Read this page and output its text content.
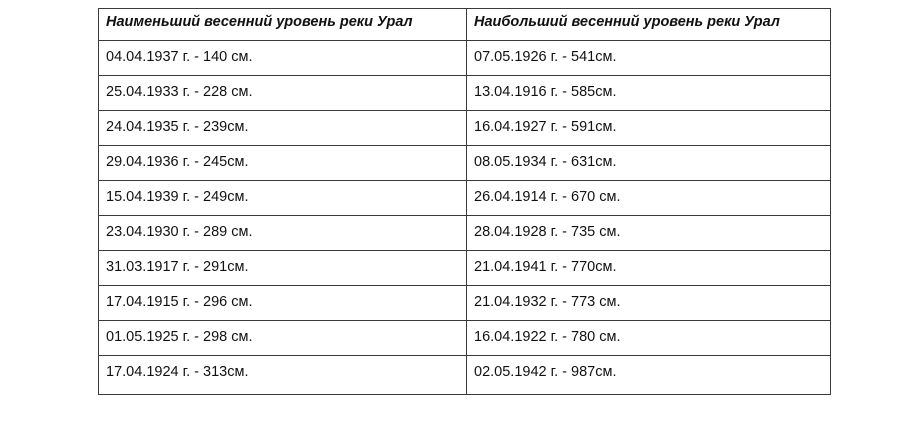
Наименьший весенний уровень реки Урал	Наибольший весенний уровень реки Урал
04.04.1937 г. - 140 см.	07.05.1926 г. - 541см.
25.04.1933 г. - 228 см.	13.04.1916 г. - 585см.
24.04.1935 г. - 239см.	16.04.1927 г. - 591см.
29.04.1936 г. - 245см.	08.05.1934 г. - 631см.
15.04.1939 г. - 249см.	26.04.1914 г. - 670 см.
23.04.1930 г. - 289 см.	28.04.1928 г. - 735 см.
31.03.1917 г. - 291см.	21.04.1941 г. - 770см.
17.04.1915 г. - 296 см.	21.04.1932 г. - 773 см.
01.05.1925 г. - 298 см.	16.04.1922 г. - 780 см.
17.04.1924 г. - 313см.	02.05.1942 г. - 987см.
